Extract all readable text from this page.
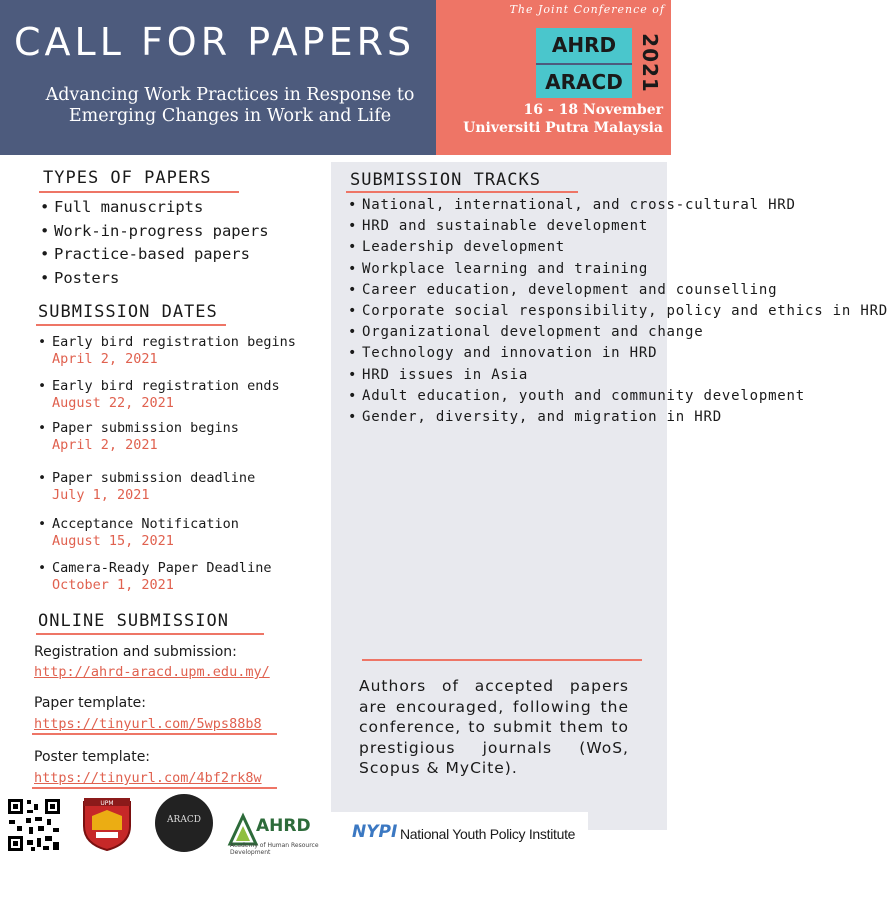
The Joint Conference of
AHRD
ARACD 2021
16 - 18 November
Universiti Putra Malaysia
CALL FOR PAPERS
Advancing Work Practices in Response to Emerging Changes in Work and Life
TYPES OF PAPERS
• Full manuscripts
• Work-in-progress papers
• Practice-based papers
• Posters
SUBMISSION DATES
• Early bird registration begins
April 2, 2021
• Early bird registration ends
August 22, 2021
• Paper submission begins
April 2, 2021
• Paper submission deadline
July 1, 2021
• Acceptance Notification
August 15, 2021
• Camera-Ready Paper Deadline
October 1, 2021
ONLINE SUBMISSION
Registration and submission:
http://ahrd-aracd.upm.edu.my/
Paper template:
https://tinyurl.com/5wps88b8
Poster template:
https://tinyurl.com/4bf2rk8w
SUBMISSION TRACKS
• National, international, and cross-cultural HRD
• HRD and sustainable development
• Leadership development
• Workplace learning and training
• Career education, development and counselling
• Corporate social responsibility, policy and ethics in HRD
• Organizational development and change
• Technology and innovation in HRD
• HRD issues in Asia
• Adult education, youth and community development
• Gender, diversity, and migration in HRD
Authors of accepted papers are encouraged, following the conference, to submit them to prestigious journals (WoS, Scopus & MyCite).
UPM
ARACD	AHRD
Academy of Human Resource Development
NYPI National Youth Policy Institute
